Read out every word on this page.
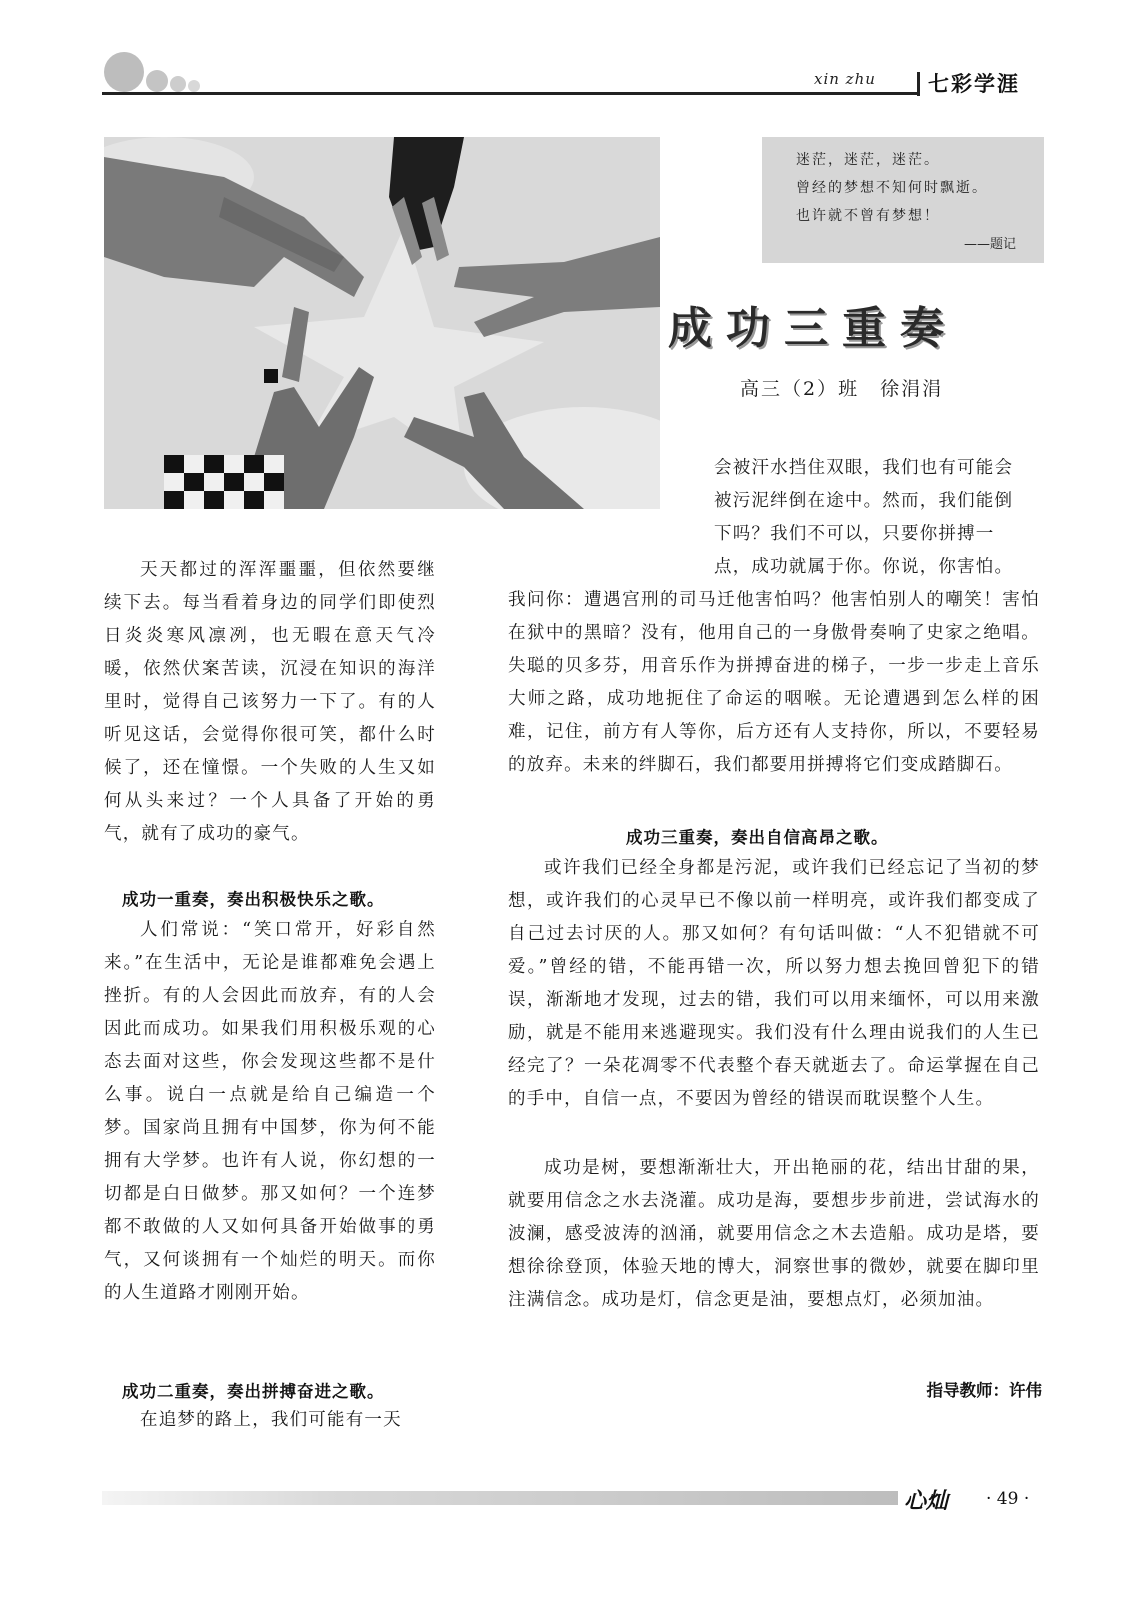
xin zhu 七彩学涯
迷茫，迷茫，迷茫。
曾经的梦想不知何时飘逝。
也许就不曾有梦想！
——题记
成功三重奏
高三（2）班　徐涓涓
会被汗水挡住双眼，我们也有可能会
被污泥绊倒在途中。然而，我们能倒
下吗？我们不可以，只要你拼搏一
点，成功就属于你。你说，你害怕。
我问你：遭遇宫刑的司马迁他害怕吗？他害怕别人的嘲笑！害怕在狱中的黑暗？没有，他用自己的一身傲骨奏响了史家之绝唱。失聪的贝多芬，用音乐作为拼搏奋进的梯子，一步一步走上音乐大师之路，成功地扼住了命运的咽喉。无论遭遇到怎么样的困难，记住，前方有人等你，后方还有人支持你，所以，不要轻易的放弃。未来的绊脚石，我们都要用拼搏将它们变成踏脚石。
成功三重奏，奏出自信高昂之歌。
或许我们已经全身都是污泥，或许我们已经忘记了当初的梦想，或许我们的心灵早已不像以前一样明亮，或许我们都变成了自己过去讨厌的人。那又如何？有句话叫做：“人不犯错就不可爱。”曾经的错，不能再错一次，所以努力想去挽回曾犯下的错误，渐渐地才发现，过去的错，我们可以用来缅怀，可以用来激励，就是不能用来逃避现实。我们没有什么理由说我们的人生已经完了？一朵花凋零不代表整个春天就逝去了。命运掌握在自己的手中，自信一点，不要因为曾经的错误而耽误整个人生。
成功是树，要想渐渐壮大，开出艳丽的花，结出甘甜的果，就要用信念之水去浇灌。成功是海，要想步步前进，尝试海水的波澜，感受波涛的汹涌，就要用信念之木去造船。成功是塔，要想徐徐登顶，体验天地的博大，洞察世事的微妙，就要在脚印里注满信念。成功是灯，信念更是油，要想点灯，必须加油。
指导教师：许伟
天天都过的浑浑噩噩，但依然要继续下去。每当看着身边的同学们即使烈日炎炎寒风凛冽，也无暇在意天气冷暖，依然伏案苦读，沉浸在知识的海洋里时，觉得自己该努力一下了。有的人听见这话，会觉得你很可笑，都什么时候了，还在憧憬。一个失败的人生又如何从头来过？一个人具备了开始的勇气，就有了成功的豪气。
成功一重奏，奏出积极快乐之歌。
人们常说：“笑口常开，好彩自然来。”在生活中，无论是谁都难免会遇上挫折。有的人会因此而放弃，有的人会因此而成功。如果我们用积极乐观的心态去面对这些，你会发现这些都不是什么事。说白一点就是给自己编造一个梦。国家尚且拥有中国梦，你为何不能拥有大学梦。也许有人说，你幻想的一切都是白日做梦。那又如何？一个连梦都不敢做的人又如何具备开始做事的勇气，又何谈拥有一个灿烂的明天。而你的人生道路才刚刚开始。
成功二重奏，奏出拼搏奋进之歌。
在追梦的路上，我们可能有一天
心灿 · 49 ·
